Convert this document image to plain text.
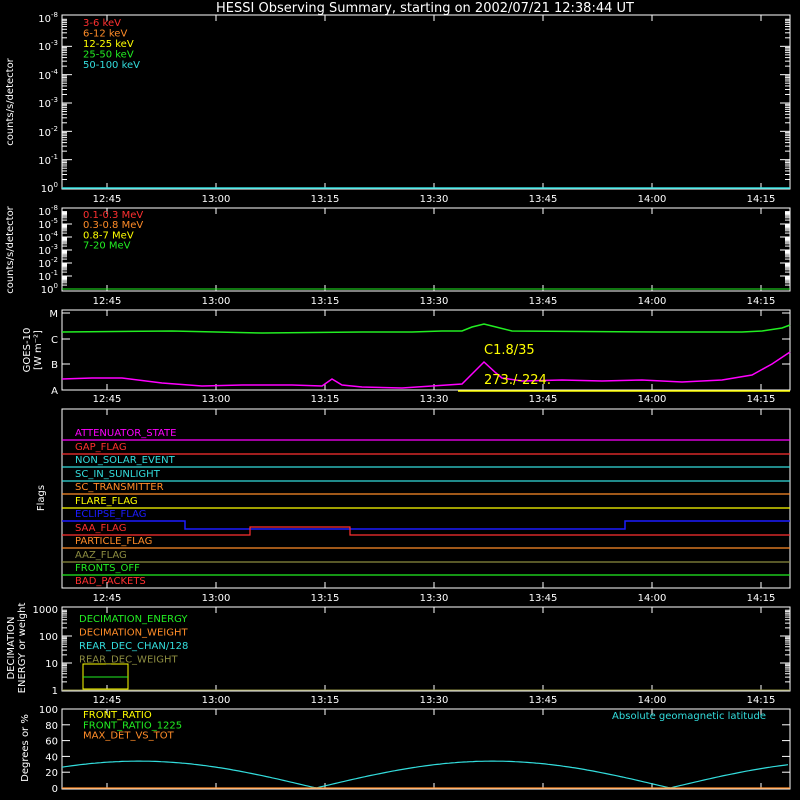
HESSI Observing Summary, starting on 2002/07/21 12:38:44 UT
$10^{-8}$
$10^{-3}$
$10^{-4}$
$10^{-3}$
$10^{-2}$
$10^{-1}$
$10^0$
counts/s/detector
3-6 keV
6-12 keV
12-25 keV
25-50 keV
50-100 keV
12:45	13:00	13:15	13:30	13:45	14:00	14:15
$10^{-8}$
$10^{-5}$
$10^{-4}$
$10^{-3}$
$10^{-2}$
$10^{-1}$
$10^0$
counts/s/detector	0.1-0.3 MeV
0.3-0.8 MeV
0.8-7 MeV
7-20 MeV
12:45	13:00	13:15	13:30	13:45	14:00	14:15
M
C
B
A
GOES-10 [W m⁻²]	C1.8/35
273./-224.
12:45	13:00	13:15	13:30	13:45	14:00	14:15
Flags
ATTENUATOR_STATE
GAP_FLAG
NON_SOLAR_EVENT
SC_IN_SUNLIGHT
SC_TRANSMITTER
FLARE_FLAG
ECLIPSE_FLAG
SAA_FLAG
PARTICLE_FLAG
AAZ_FLAG
FRONTS_OFF
BAD_PACKETS
12:45	13:00	13:15	13:30	13:45	14:00	14:15
1000
100
10
1
DECIMATION ENERGY or weight	DECIMATION_ENERGY
DECIMATION_WEIGHT
REAR_DEC_CHAN/128
REAR_DEC_WEIGHT
12:45	13:00	13:15	13:30	13:45	14:00	14:15
0
20
40
60
80
100
Degrees or %	FRONT_RATIO
FRONT_RATIO_1225
MAX_DET_VS_TOT
Absolute geomagnetic latitude
